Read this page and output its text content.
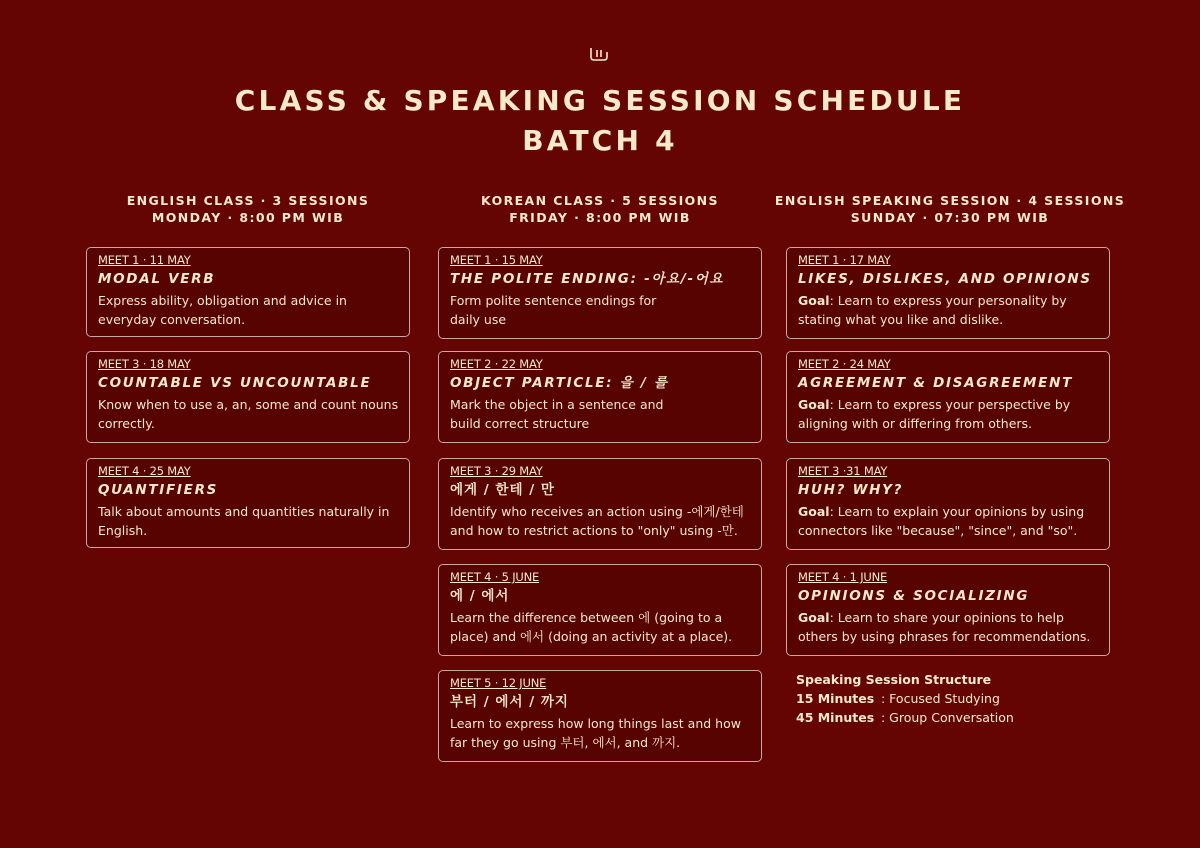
CLASS & SPEAKING SESSION SCHEDULE
BATCH 4
ENGLISH CLASS · 3 SESSIONS
MONDAY · 8:00 PM WIB
KOREAN CLASS · 5 SESSIONS
FRIDAY · 8:00 PM WIB
ENGLISH SPEAKING SESSION · 4 SESSIONS
SUNDAY · 07:30 PM WIB
MEET 1 · 11 MAY
MODAL VERB
Express ability, obligation and advice in everyday conversation.
MEET 3 · 18 MAY
COUNTABLE VS UNCOUNTABLE
Know when to use a, an, some and count nouns correctly.
MEET 4 · 25 MAY
QUANTIFIERS
Talk about amounts and quantities naturally in English.
MEET 1 · 15 MAY
THE POLITE ENDING: -아요/-어요
Form polite sentence endings for daily use
MEET 2 · 22 MAY
OBJECT PARTICLE: 을 / 를
Mark the object in a sentence and build correct structure
MEET 3 · 29 MAY
에게 / 한테 / 만
Identify who receives an action using -에게/한테 and how to restrict actions to "only" using -만.
MEET 4 · 5 JUNE
에 / 에서
Learn the difference between 에 (going to a place) and 에서 (doing an activity at a place).
MEET 5 · 12 JUNE
부터 / 에서 / 까지
Learn to express how long things last and how far they go using 부터, 에서, and 까지.
MEET 1 · 17 MAY
LIKES, DISLIKES, AND OPINIONS
Goal: Learn to express your personality by stating what you like and dislike.
MEET 2 · 24 MAY
AGREEMENT & DISAGREEMENT
Goal: Learn to express your perspective by aligning with or differing from others.
MEET 3 ·31 MAY
HUH? WHY?
Goal: Learn to explain your opinions by using connectors like "because", "since", and "so".
MEET 4 · 1 JUNE
OPINIONS & SOCIALIZING
Goal: Learn to share your opinions to help others by using phrases for recommendations.
Speaking Session Structure
15 Minutes : Focused Studying
45 Minutes : Group Conversation
